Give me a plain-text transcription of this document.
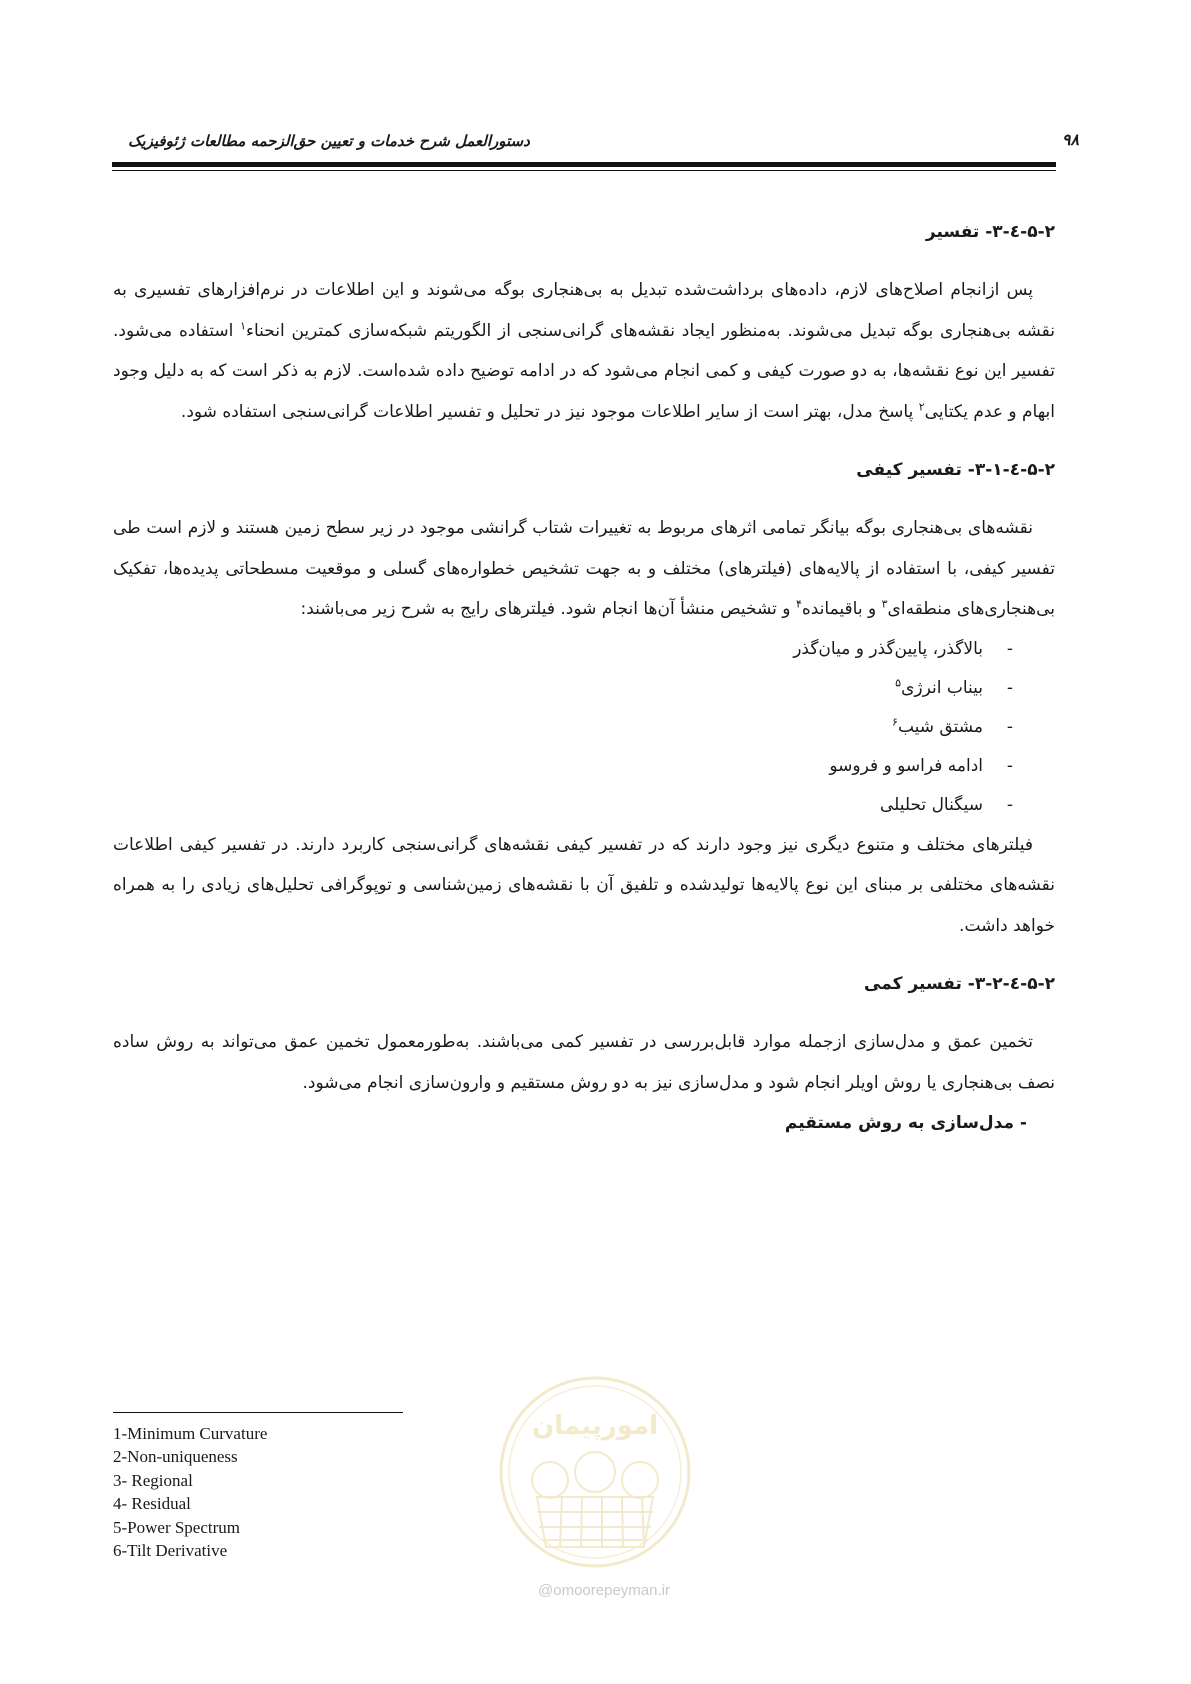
دستورالعمل شرح خدمات و تعیین حق‌الزحمه مطالعات ژئوفیزیک	۹۸
۵-۲-٤-۳- تفسیر

پس ازانجام اصلاح‌های لازم، داده‌های برداشت‌شده تبدیل به بی‌هنجاری بوگه می‌شوند و این اطلاعات در نرم‌افزارهای تفسیری به نقشه بی‌هنجاری بوگه تبدیل می‌شوند. به‌منظور ایجاد نقشه‌های گرانی‌سنجی از الگوریتم شبکه‌سازی کمترین انحناء$^۱$ استفاده می‌شود. تفسیر این نوع نقشه‌ها، به دو صورت کیفی و کمی انجام می‌شود که در ادامه توضیح داده شده‌است. لازم به ذکر است که به دلیل وجود ابهام و عدم یکتایی$^۲$ پاسخ مدل، بهتر است از سایر اطلاعات موجود نیز در تحلیل و تفسیر اطلاعات گرانی‌سنجی استفاده شود.

۵-۲-٤-۳-۱- تفسیر کیفی

نقشه‌های بی‌هنجاری بوگه بیانگر تمامی اثرهای مربوط به تغییرات شتاب گرانشی موجود در زیر سطح زمین هستند و لازم است طی تفسیر کیفی، با استفاده از پالایه‌های (فیلترهای) مختلف و به جهت تشخیص خطواره‌های گسلی و موقعیت مسطحاتی پدیده‌ها، تفکیک بی‌هنجاری‌های منطقه‌ای$^۳$ و باقیمانده$^۴$ و تشخیص منشأ آن‌ها انجام شود. فیلترهای رایج به شرح زیر می‌باشند:

-بالاگذر، پایین‌گذر و میان‌گذر
-بیناب انرژی$^۵$
-مشتق شیب$^۶$
-ادامه فراسو و فروسو
-سیگنال تحلیلی

فیلترهای مختلف و متنوع دیگری نیز وجود دارند که در تفسیر کیفی نقشه‌های گرانی‌سنجی کاربرد دارند. در تفسیر کیفی اطلاعات نقشه‌های مختلفی بر مبنای این نوع پالایه‌ها تولیدشده و تلفیق آن با نقشه‌های زمین‌شناسی و توپوگرافی تحلیل‌های زیادی را به همراه خواهد داشت.

۵-۲-٤-۳-۲- تفسیر کمی

تخمین عمق و مدل‌سازی ازجمله موارد قابل‌بررسی در تفسیر کمی می‌باشند. به‌طورمعمول تخمین عمق می‌تواند به روش ساده نصف بی‌هنجاری یا روش اویلر انجام شود و مدل‌سازی نیز به دو روش مستقیم و وارون‌سازی انجام می‌شود.

- مدل‌سازی به روش مستقیم
1-Minimum Curvature
2-Non-uniqueness
3- Regional
4- Residual
5-Power Spectrum
6-Tilt Derivative
امورپیمان
@omoorepeyman.ir
